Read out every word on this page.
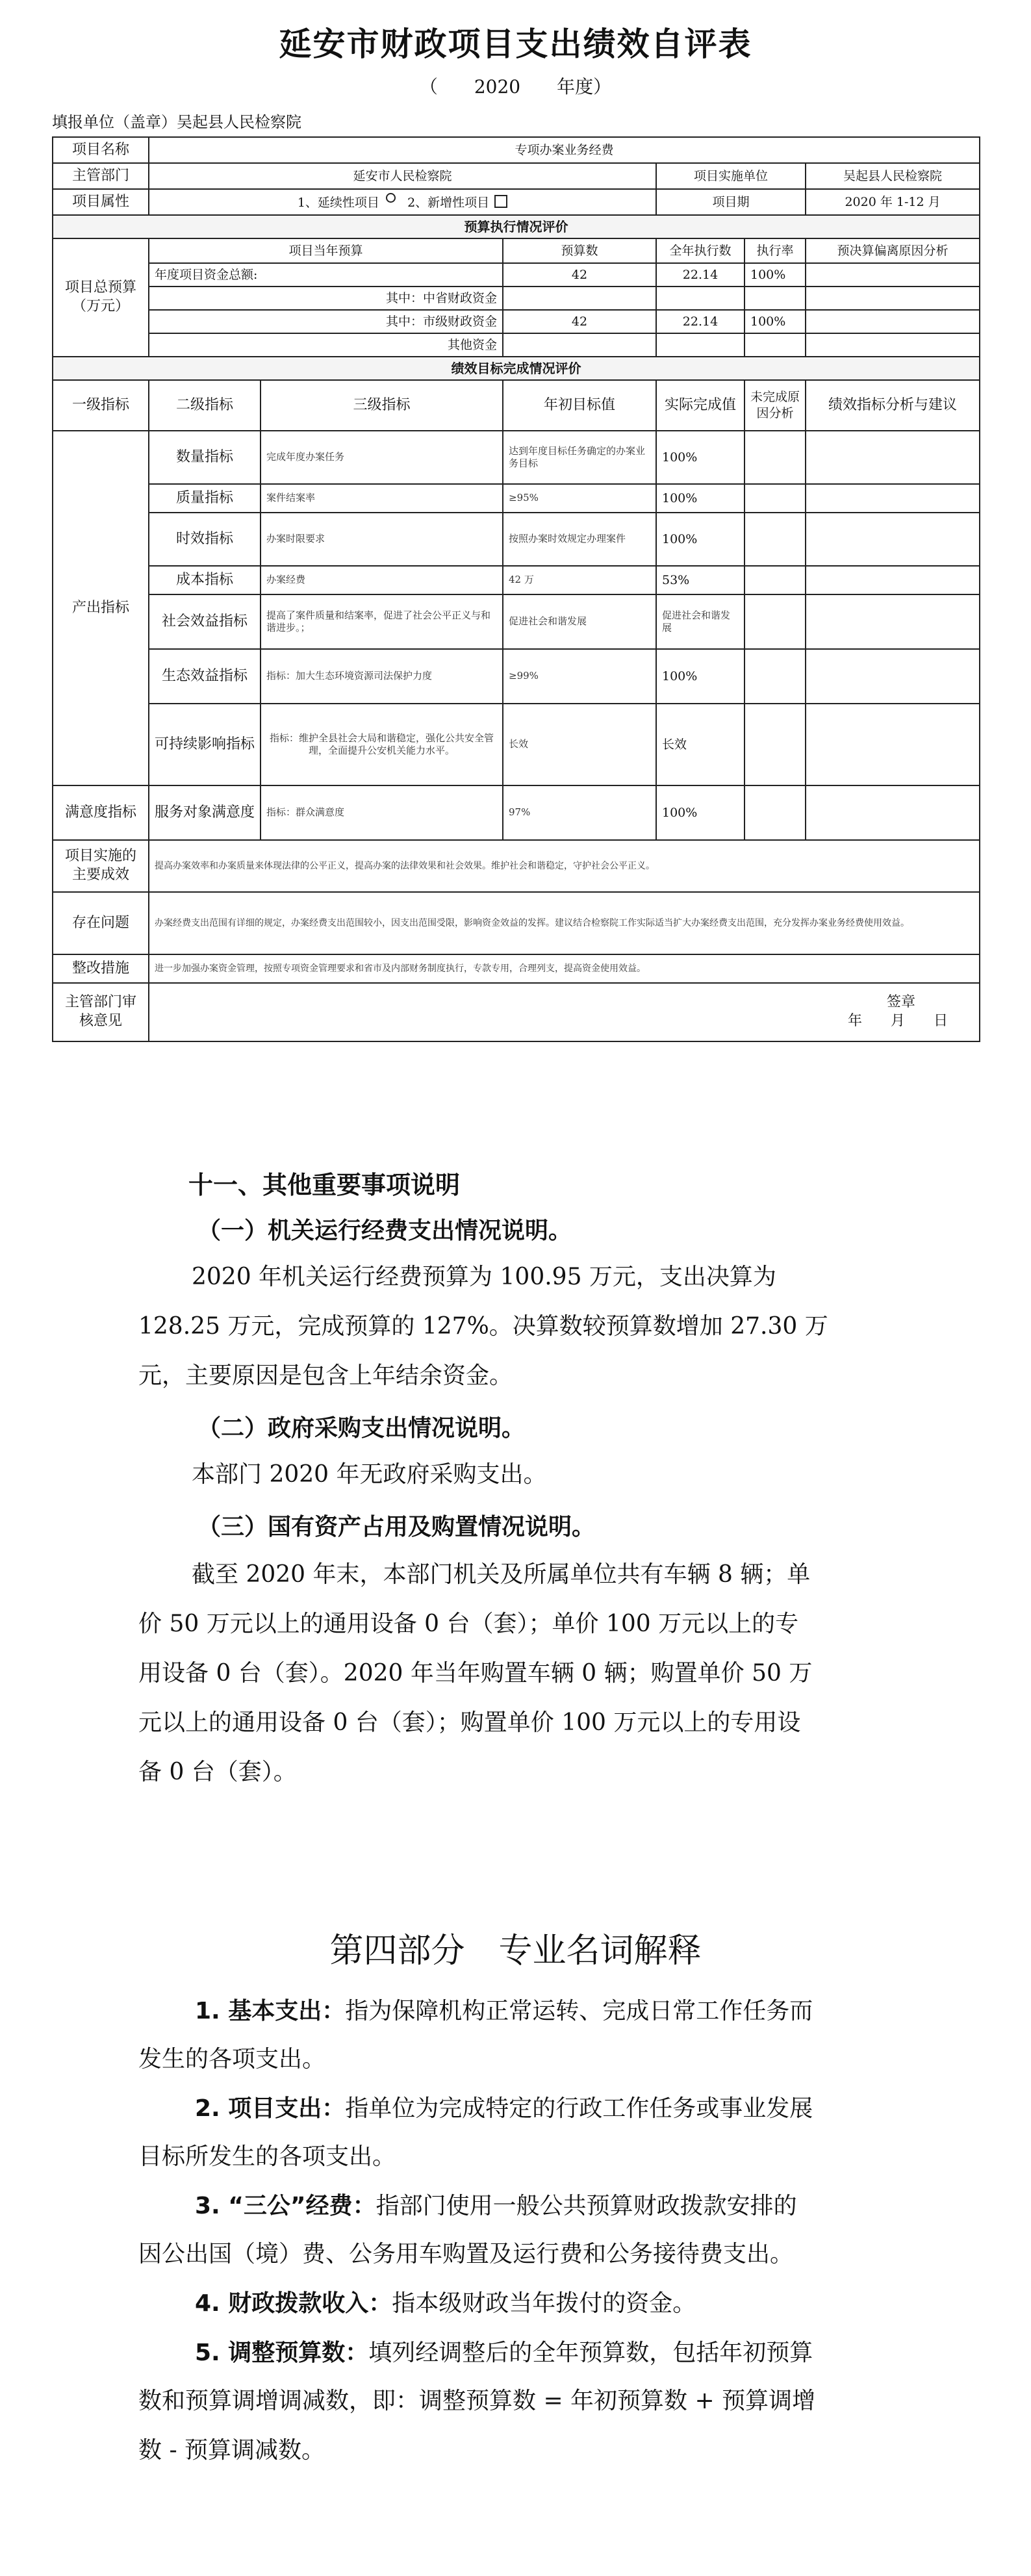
延安市财政项目支出绩效自评表
（　　2020　　年度）
填报单位（盖章）吴起县人民检察院
项目名称	专项办案业务经费					
主管部门	延安市人民检察院			项目实施单位		吴起县人民检察院
项目属性	1、延续性项目 2、新增性项目			项目期		2020 年 1-12 月
预算执行情况评价						
项目总预算（万元）	项目当年预算		预算数	全年执行数	执行率	预决算偏离原因分析
	年度项目资金总额:		42	22.14	100%	
	其中：中省财政资金					
	其中：市级财政资金		42	22.14	100%	
	其他资金					
绩效目标完成情况评价						
一级指标	二级指标	三级指标	年初目标值	实际完成值	未完成原因分析	绩效指标分析与建议
产出指标	数量指标	完成年度办案任务	达到年度目标任务确定的办案业务目标	100%		
	质量指标	案件结案率	≥95%	100%		
	时效指标	办案时限要求	按照办案时效规定办理案件	100%		
	成本指标	办案经费	42 万	53%		
	社会效益指标	提高了案件质量和结案率，促进了社会公平正义与和谐进步。；	促进社会和谐发展	促进社会和谐发展		
	生态效益指标	指标：加大生态环境资源司法保护力度	≥99%	100%		
	可持续影响指标	指标：维护全县社会大局和谐稳定，强化公共安全管理，全面提升公安机关能力水平。	长效	长效		
满意度指标	服务对象满意度	指标：群众满意度	97%	100%		
项目实施的主要成效	提高办案效率和办案质量来体现法律的公平正义，提高办案的法律效果和社会效果。维护社会和谐稳定，守护社会公平正义。					
存在问题	办案经费支出范围有详细的规定，办案经费支出范围较小，因支出范围受限，影响资金效益的发挥。建议结合检察院工作实际适当扩大办案经费支出范围，充分发挥办案业务经费使用效益。					
整改措施	进一步加强办案资金管理，按照专项资金管理要求和省市及内部财务制度执行，专款专用，合理列支，提高资金使用效益。					
主管部门审核意见	签章
年　　月　　日					
十一、其他重要事项说明
（一）机关运行经费支出情况说明。
2020 年机关运行经费预算为 100.95 万元，支出决算为
128.25 万元，完成预算的 127%。决算数较预算数增加 27.30 万
元，主要原因是包含上年结余资金。
（二）政府采购支出情况说明。
本部门 2020 年无政府采购支出。
（三）国有资产占用及购置情况说明。
截至 2020 年末，本部门机关及所属单位共有车辆 8 辆；单
价 50 万元以上的通用设备 0 台（套）；单价 100 万元以上的专
用设备 0 台（套）。2020 年当年购置车辆 0 辆；购置单价 50 万
元以上的通用设备 0 台（套）；购置单价 100 万元以上的专用设
备 0 台（套）。
第四部分　专业名词解释
1. 基本支出：指为保障机构正常运转、完成日常工作任务而
发生的各项支出。
2. 项目支出：指单位为完成特定的行政工作任务或事业发展
目标所发生的各项支出。
3. “三公”经费：指部门使用一般公共预算财政拨款安排的
因公出国（境）费、公务用车购置及运行费和公务接待费支出。
4. 财政拨款收入：指本级财政当年拨付的资金。
5. 调整预算数：填列经调整后的全年预算数，包括年初预算
数和预算调增调减数，即：调整预算数 = 年初预算数 + 预算调增
数 - 预算调减数。
